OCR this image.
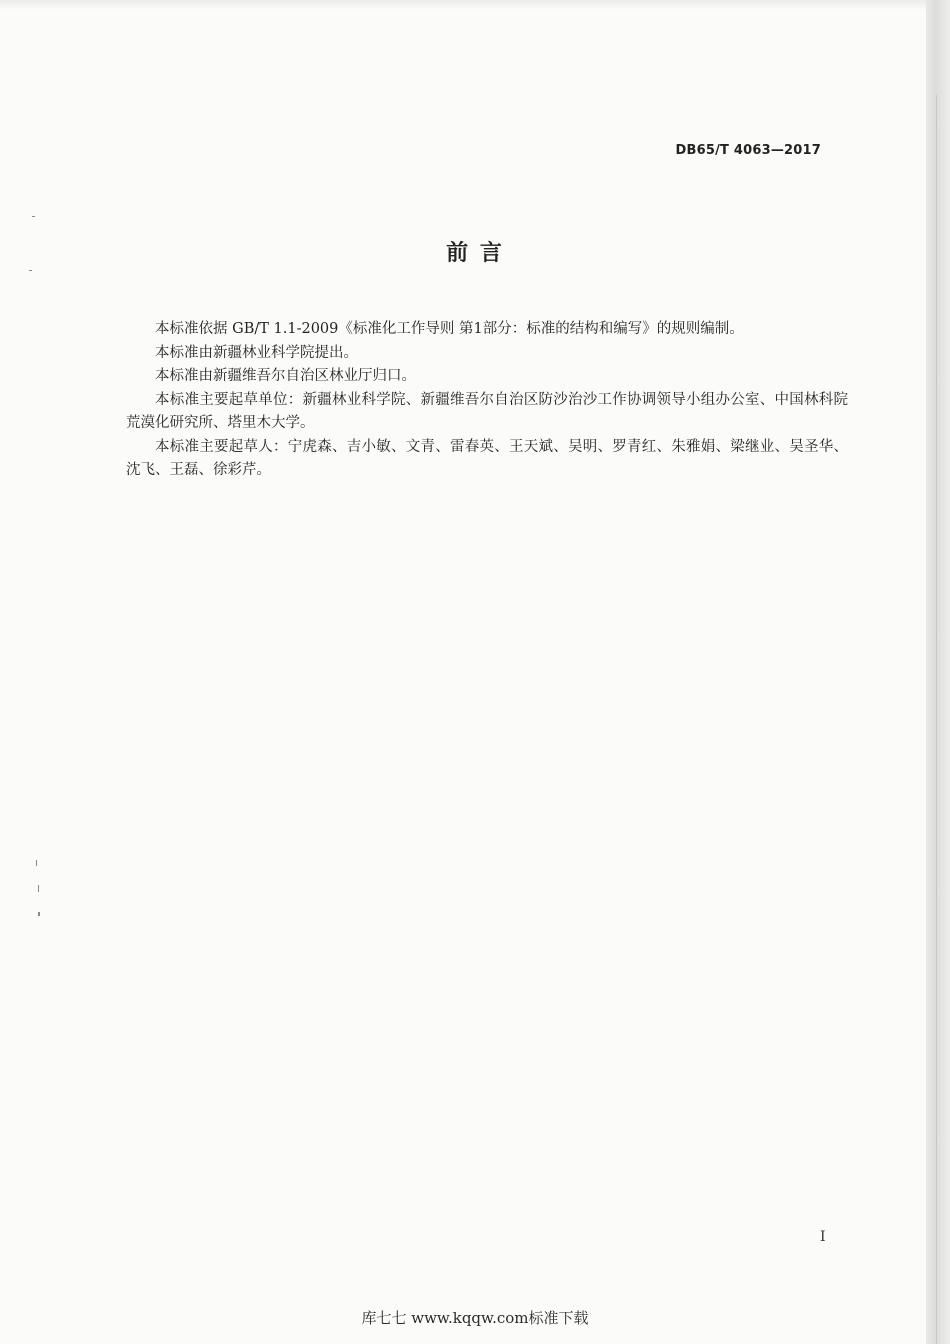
DB65/T 4063—2017
前 言

本标准依据 GB/T 1.1-2009《标准化工作导则 第1部分：标准的结构和编写》的规则编制。

本标准由新疆林业科学院提出。

本标准由新疆维吾尔自治区林业厅归口。

本标准主要起草单位：新疆林业科学院、新疆维吾尔自治区防沙治沙工作协调领导小组办公室、中国林科院荒漠化研究所、塔里木大学。

本标准主要起草人：宁虎森、吉小敏、文青、雷春英、王天斌、吴明、罗青红、朱雅娟、梁继业、吴圣华、沈飞、王磊、徐彩芹。

I
库七七 www.kqqw.com标准下载
